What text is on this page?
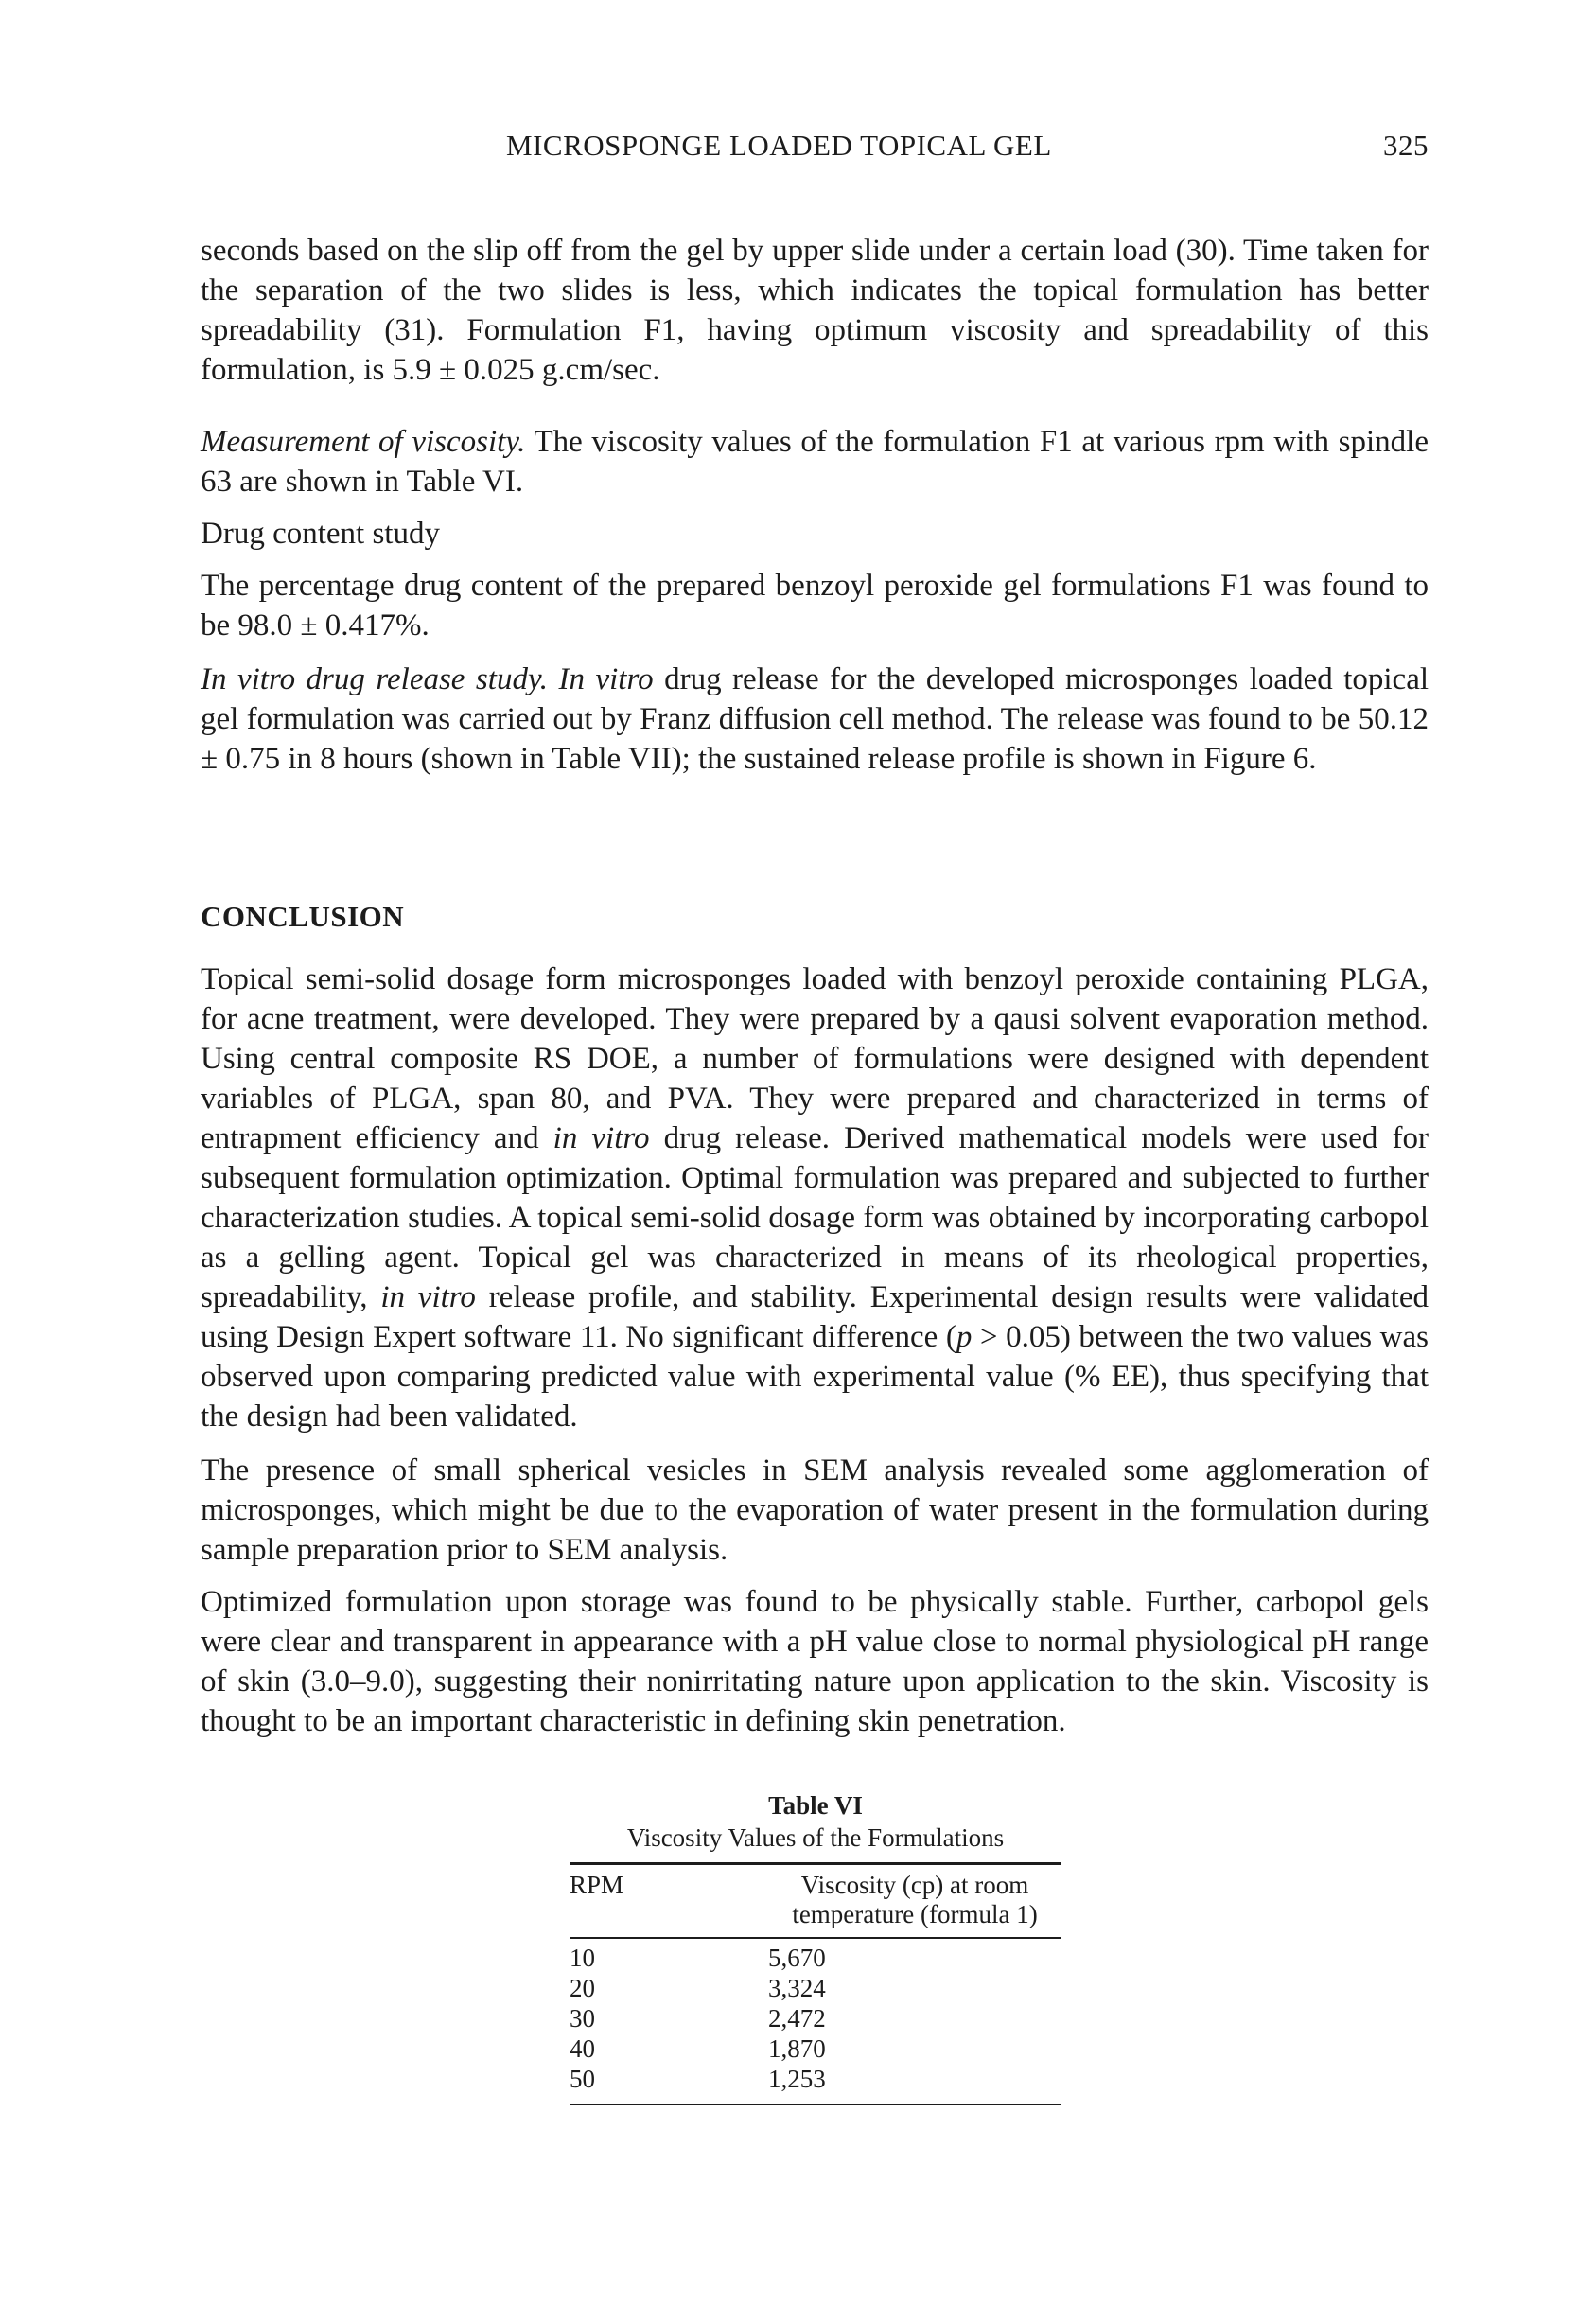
MICROSPONGE LOADED TOPICAL GEL	325

seconds based on the slip off from the gel by upper slide under a certain load (30). Time taken for the separation of the two slides is less, which indicates the topical formulation has better spreadability (31). Formulation F1, having optimum viscosity and spreadability of this formulation, is 5.9 ± 0.025 g.cm/sec.

Measurement of viscosity. The viscosity values of the formulation F1 at various rpm with spindle 63 are shown in Table VI.

Drug content study

The percentage drug content of the prepared benzoyl peroxide gel formulations F1 was found to be 98.0 ± 0.417%.

In vitro drug release study. In vitro drug release for the developed microsponges loaded topical gel formulation was carried out by Franz diffusion cell method. The release was found to be 50.12 ± 0.75 in 8 hours (shown in Table VII); the sustained release profile is shown in Figure 6.

CONCLUSION

Topical semi-solid dosage form microsponges loaded with benzoyl peroxide containing PLGA, for acne treatment, were developed. They were prepared by a qausi solvent evaporation method. Using central composite RS DOE, a number of formulations were designed with dependent variables of PLGA, span 80, and PVA. They were prepared and characterized in terms of entrapment efficiency and in vitro drug release. Derived mathematical models were used for subsequent formulation optimization. Optimal formulation was prepared and subjected to further characterization studies. A topical semi-solid dosage form was obtained by incorporating carbopol as a gelling agent. Topical gel was characterized in means of its rheological properties, spreadability, in vitro release profile, and stability. Experimental design results were validated using Design Expert software 11. No significant difference (p > 0.05) between the two values was observed upon comparing predicted value with experimental value (% EE), thus specifying that the design had been validated.

The presence of small spherical vesicles in SEM analysis revealed some agglomeration of microsponges, which might be due to the evaporation of water present in the formulation during sample preparation prior to SEM analysis.

Optimized formulation upon storage was found to be physically stable. Further, carbopol gels were clear and transparent in appearance with a pH value close to normal physiological pH range of skin (3.0–9.0), suggesting their nonirritating nature upon application to the skin. Viscosity is thought to be an important characteristic in defining skin penetration.

Table VI
Viscosity Values of the Formulations
RPM	Viscosity (cp) at room temperature (formula 1)
10	5,670
20	3,324
30	2,472
40	1,870
50	1,253
